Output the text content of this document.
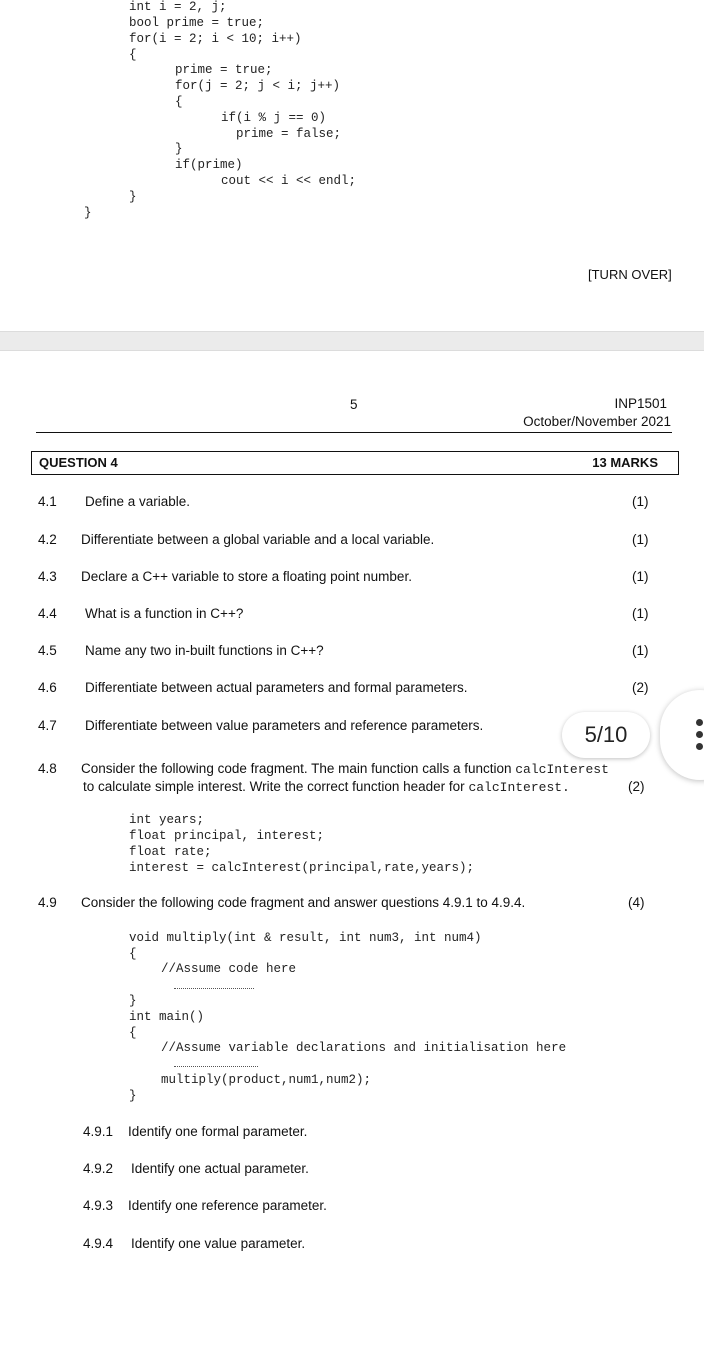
int i = 2, j;
bool prime = true;
for(i = 2; i < 10; i++)
{
prime = true;
for(j = 2; j < i; j++)
{
if(i % j == 0)
prime = false;
}
if(prime)
cout << i << endl;
}
}
[TURN OVER]
5	INP1501
October/November 2021
QUESTION 4	13 MARKS
4.1 Define a variable.	(1)
4.2 Differentiate between a global variable and a local variable.	(1)
4.3 Declare a C++ variable to store a floating point number.	(1)
4.4 What is a function in C++?	(1)
4.5 Name any two in-built functions in C++?	(1)
4.6 Differentiate between actual parameters and formal parameters.	(2)
4.7 Differentiate between value parameters and reference parameters.
4.8 Consider the following code fragment. The main function calls a function calcInterest
to calculate simple interest. Write the correct function header for calcInterest.	(2)
int years;
float principal, interest;
float rate;
interest = calcInterest(principal,rate,years);
4.9 Consider the following code fragment and answer questions 4.9.1 to 4.9.4.	(4)
void multiply(int & result, int num3, int num4)
{
//Assume code here
}
int main()
{
//Assume variable declarations and initialisation here
multiply(product,num1,num2);
}
4.9.1 Identify one formal parameter.
4.9.2 Identify one actual parameter.
4.9.3 Identify one reference parameter.
4.9.4 Identify one value parameter.
5/10
